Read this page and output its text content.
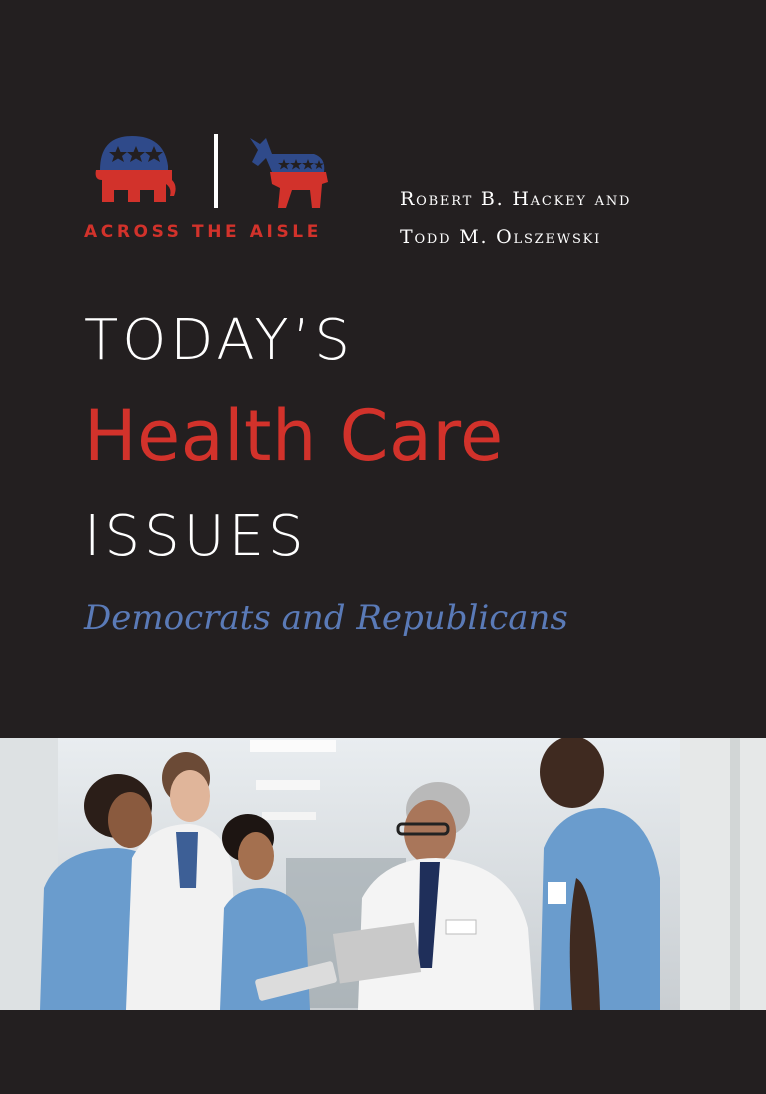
ACROSS THE AISLE
Robert B. Hackey and
Todd M. Olszewski
TODAY’S
Health Care
ISSUES
Democrats and Republicans
